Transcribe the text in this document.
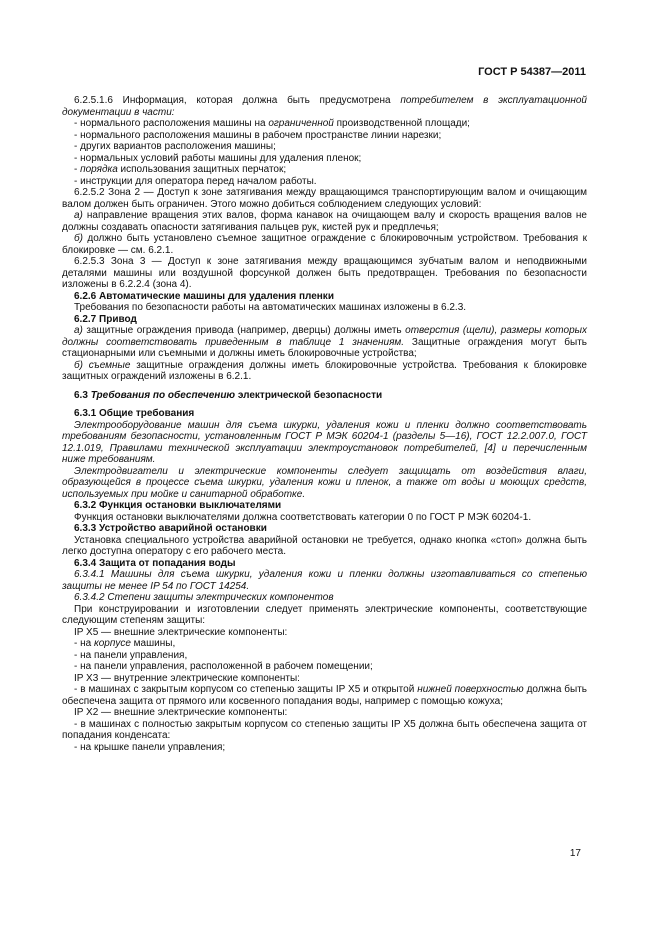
ГОСТ Р 54387—2011

6.2.5.1.6 Информация, которая должна быть предусмотрена потребителем в эксплуатационной документации в части:

- нормального расположения машины на ограниченной производственной площади;

- нормального расположения машины в рабочем пространстве линии нарезки;

- других вариантов расположения машины;

- нормальных условий работы машины для удаления пленок;

- порядка использования защитных перчаток;

- инструкции для оператора перед началом работы.

6.2.5.2 Зона 2 — Доступ к зоне затягивания между вращающимся транспортирующим валом и очищающим валом должен быть ограничен. Этого можно добиться соблюдением следующих условий:

а) направление вращения этих валов, форма канавок на очищающем валу и скорость вращения валов не должны создавать опасности затягивания пальцев рук, кистей рук и предплечья;

б) должно быть установлено съемное защитное ограждение с блокировочным устройством. Требования к блокировке — см. 6.2.1.

6.2.5.3 Зона 3 — Доступ к зоне затягивания между вращающимся зубчатым валом и неподвижными деталями машины или воздушной форсункой должен быть предотвращен. Требования по безопасности изложены в 6.2.2.4 (зона 4).

6.2.6 Автоматические машины для удаления пленки

Требования по безопасности работы на автоматических машинах изложены в 6.2.3.

6.2.7 Привод

а) защитные ограждения привода (например, дверцы) должны иметь отверстия (щели), размеры которых должны соответствовать приведенным в таблице 1 значениям. Защитные ограждения могут быть стационарными или съемными и должны иметь блокировочные устройства;

б) съемные защитные ограждения должны иметь блокировочные устройства. Требования к блокировке защитных ограждений изложены в 6.2.1.

6.3 Требования по обеспечению электрической безопасности

6.3.1 Общие требования

Электрооборудование машин для съема шкурки, удаления кожи и пленки должно соответствовать требованиям безопасности, установленным ГОСТ Р МЭК 60204-1 (разделы 5—16), ГОСТ 12.2.007.0, ГОСТ 12.1.019, Правилами технической эксплуатации электроустановок потребителей, [4] и перечисленным ниже требованиям.

Электродвигатели и электрические компоненты следует защищать от воздействия влаги, образующейся в процессе съема шкурки, удаления кожи и пленок, а также от воды и моющих средств, используемых при мойке и санитарной обработке.

6.3.2 Функция остановки выключателями

Функция остановки выключателями должна соответствовать категории 0 по ГОСТ Р МЭК 60204-1.

6.3.3 Устройство аварийной остановки

Установка специального устройства аварийной остановки не требуется, однако кнопка «стоп» должна быть легко доступна оператору с его рабочего места.

6.3.4 Защита от попадания воды

6.3.4.1 Машины для съема шкурки, удаления кожи и пленки должны изготавливаться со степенью защиты не менее IP 54 по ГОСТ 14254.

6.3.4.2 Степени защиты электрических компонентов

При конструировании и изготовлении следует применять электрические компоненты, соответствующие следующим степеням защиты:

IP X5 — внешние электрические компоненты:

- на корпусе машины,

- на панели управления,

- на панели управления, расположенной в рабочем помещении;

IP X3 — внутренние электрические компоненты:

- в машинах с закрытым корпусом со степенью защиты IP X5 и открытой нижней поверхностью должна быть обеспечена защита от прямого или косвенного попадания воды, например с помощью кожуха;

IP X2 — внешние электрические компоненты:

- в машинах с полностью закрытым корпусом со степенью защиты IP X5 должна быть обеспечена защита от попадания конденсата:

- на крышке панели управления;

17
